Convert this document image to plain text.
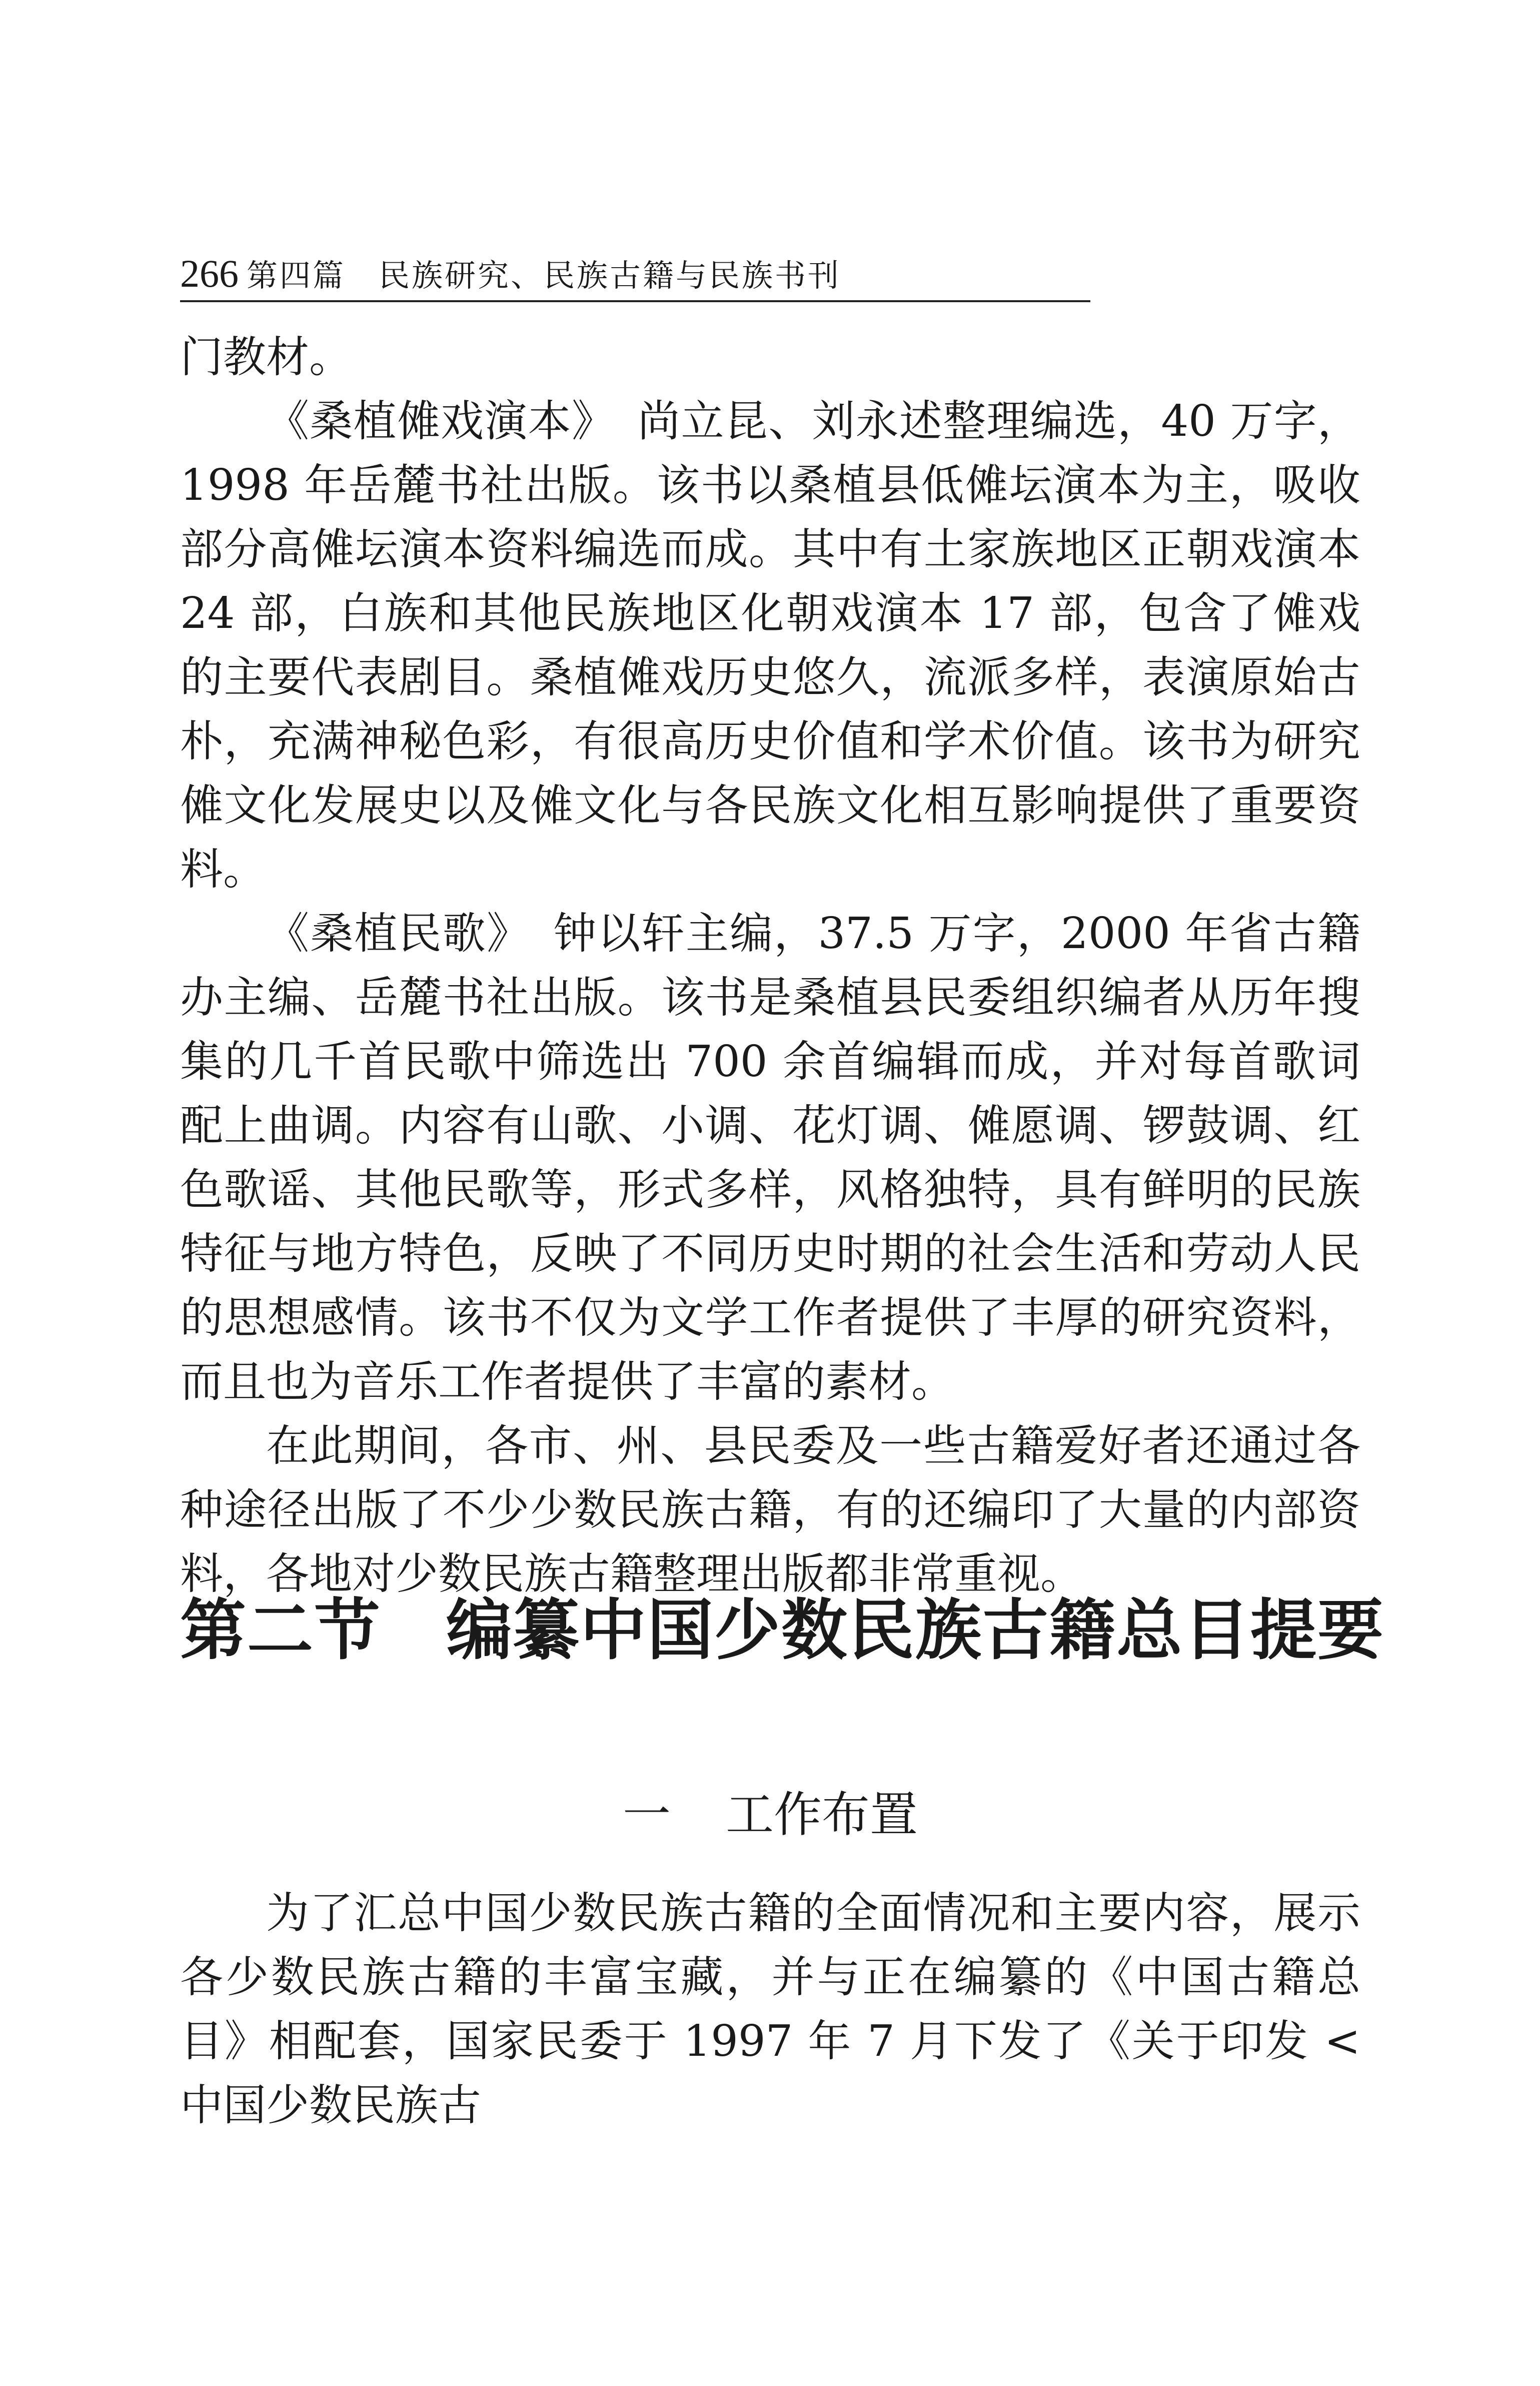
266 第四篇　民族研究、民族古籍与民族书刊

门教材。

《桑植傩戏演本》　尚立昆、刘永述整理编选，40 万字，1998 年岳麓书社出版。该书以桑植县低傩坛演本为主，吸收部分高傩坛演本资料编选而成。其中有土家族地区正朝戏演本 24 部，白族和其他民族地区化朝戏演本 17 部，包含了傩戏的主要代表剧目。桑植傩戏历史悠久，流派多样，表演原始古朴，充满神秘色彩，有很高历史价值和学术价值。该书为研究傩文化发展史以及傩文化与各民族文化相互影响提供了重要资料。

《桑植民歌》　钟以轩主编，37.5 万字，2000 年省古籍办主编、岳麓书社出版。该书是桑植县民委组织编者从历年搜集的几千首民歌中筛选出 700 余首编辑而成，并对每首歌词配上曲调。内容有山歌、小调、花灯调、傩愿调、锣鼓调、红色歌谣、其他民歌等，形式多样，风格独特，具有鲜明的民族特征与地方特色，反映了不同历史时期的社会生活和劳动人民的思想感情。该书不仅为文学工作者提供了丰厚的研究资料，而且也为音乐工作者提供了丰富的素材。

在此期间，各市、州、县民委及一些古籍爱好者还通过各种途径出版了不少少数民族古籍，有的还编印了大量的内部资料，各地对少数民族古籍整理出版都非常重视。

第二节 编纂中国少数民族古籍总目提要
一 工作布置

为了汇总中国少数民族古籍的全面情况和主要内容，展示各少数民族古籍的丰富宝藏，并与正在编纂的《中国古籍总目》相配套，国家民委于 1997 年 7 月下发了《关于印发 < 中国少数民族古
